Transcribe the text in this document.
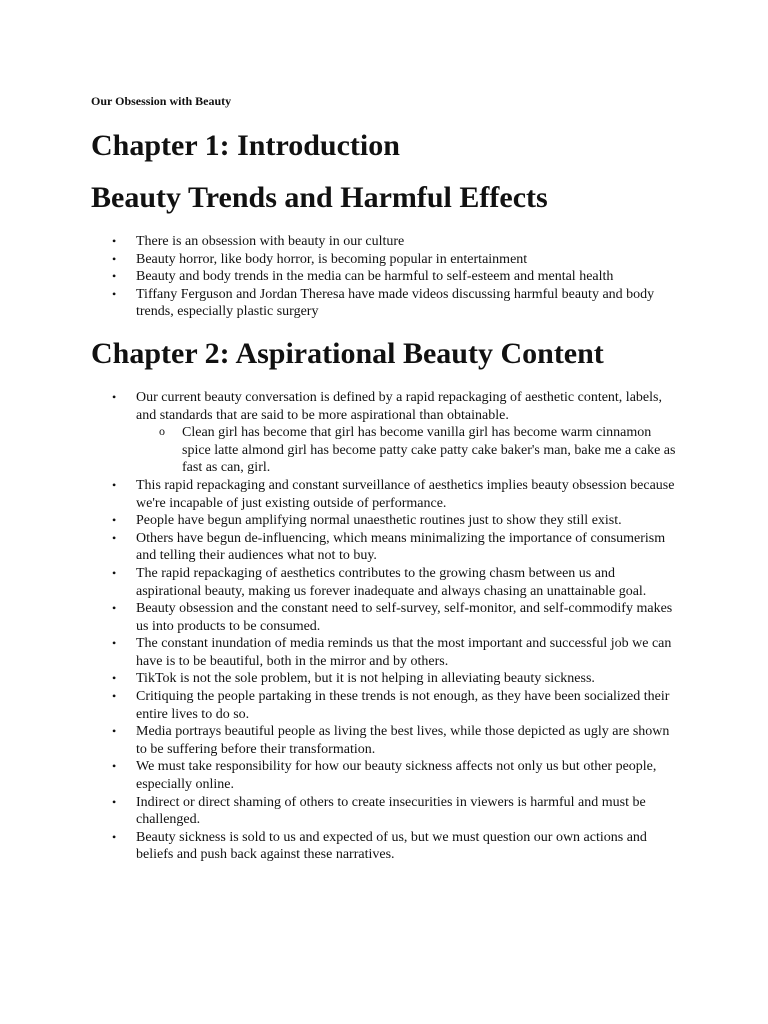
Our Obsession with Beauty
Chapter 1: Introduction
Beauty Trends and Harmful Effects
• There is an obsession with beauty in our culture
• Beauty horror, like body horror, is becoming popular in entertainment
• Beauty and body trends in the media can be harmful to self-esteem and mental health
• Tiffany Ferguson and Jordan Theresa have made videos discussing harmful beauty and body trends, especially plastic surgery
Chapter 2: Aspirational Beauty Content
• Our current beauty conversation is defined by a rapid repackaging of aesthetic content, labels, and standards that are said to be more aspirational than obtainable.
o Clean girl has become that girl has become vanilla girl has become warm cinnamon spice latte almond girl has become patty cake patty cake baker's man, bake me a cake as fast as can, girl.
• This rapid repackaging and constant surveillance of aesthetics implies beauty obsession because we're incapable of just existing outside of performance.
• People have begun amplifying normal unaesthetic routines just to show they still exist.
• Others have begun de-influencing, which means minimalizing the importance of consumerism and telling their audiences what not to buy.
• The rapid repackaging of aesthetics contributes to the growing chasm between us and aspirational beauty, making us forever inadequate and always chasing an unattainable goal.
• Beauty obsession and the constant need to self-survey, self-monitor, and self-commodify makes us into products to be consumed.
• The constant inundation of media reminds us that the most important and successful job we can have is to be beautiful, both in the mirror and by others.
• TikTok is not the sole problem, but it is not helping in alleviating beauty sickness.
• Critiquing the people partaking in these trends is not enough, as they have been socialized their entire lives to do so.
• Media portrays beautiful people as living the best lives, while those depicted as ugly are shown to be suffering before their transformation.
• We must take responsibility for how our beauty sickness affects not only us but other people, especially online.
• Indirect or direct shaming of others to create insecurities in viewers is harmful and must be challenged.
• Beauty sickness is sold to us and expected of us, but we must question our own actions and beliefs and push back against these narratives.
